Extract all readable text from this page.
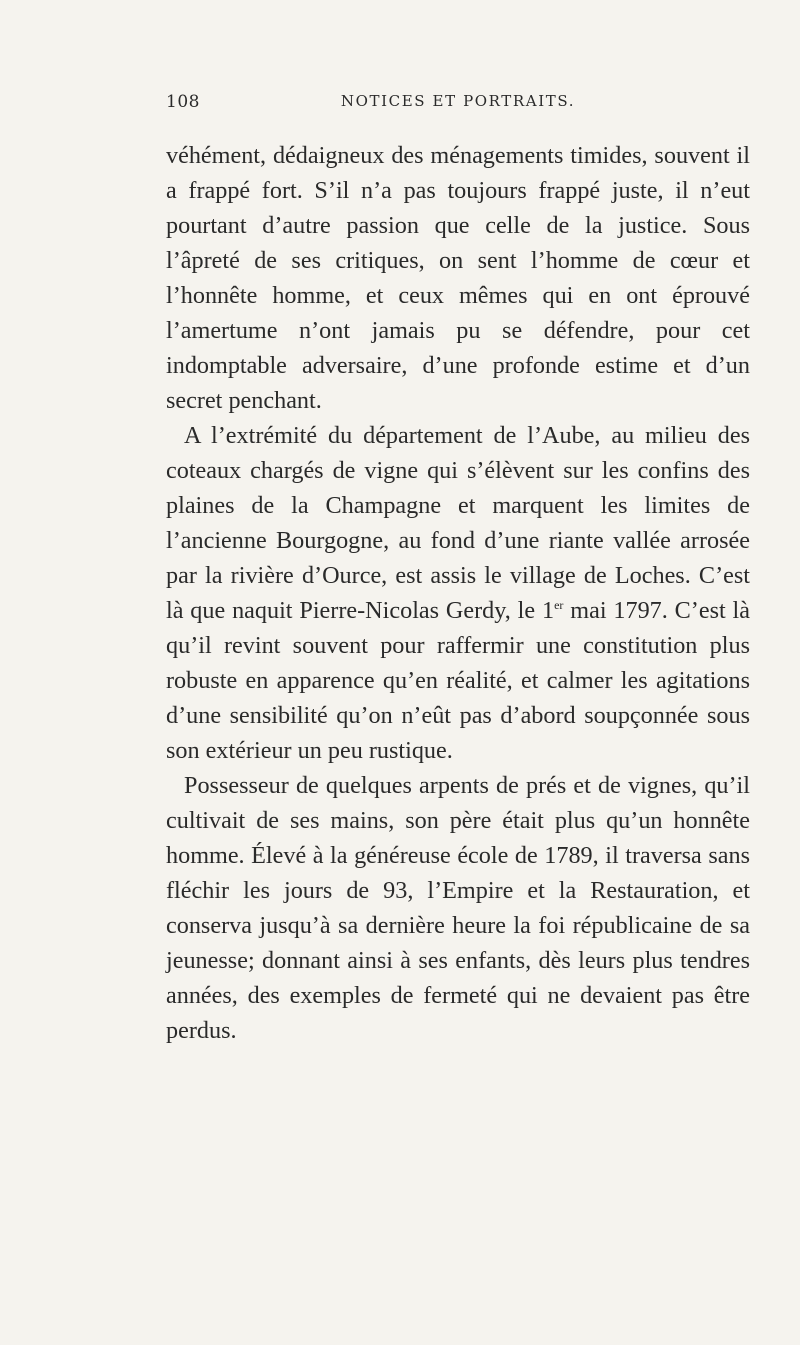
108	NOTICES ET PORTRAITS.

véhément, dédaigneux des ménagements timides, souvent il a frappé fort. S’il n’a pas toujours frappé juste, il n’eut pourtant d’autre passion que celle de la justice. Sous l’âpreté de ses critiques, on sent l’homme de cœur et l’honnête homme, et ceux mêmes qui en ont éprouvé l’amertume n’ont jamais pu se défendre, pour cet indomptable adversaire, d’une profonde estime et d’un secret penchant.

A l’extrémité du département de l’Aube, au milieu des coteaux chargés de vigne qui s’élèvent sur les confins des plaines de la Champagne et marquent les limites de l’ancienne Bourgogne, au fond d’une riante vallée arrosée par la rivière d’Ource, est assis le village de Loches. C’est là que naquit Pierre-Nicolas Gerdy, le 1er mai 1797. C’est là qu’il revint souvent pour raffermir une constitution plus robuste en apparence qu’en réalité, et calmer les agitations d’une sensibilité qu’on n’eût pas d’abord soupçonnée sous son extérieur un peu rustique.

Possesseur de quelques arpents de prés et de vignes, qu’il cultivait de ses mains, son père était plus qu’un honnête homme. Élevé à la généreuse école de 1789, il traversa sans fléchir les jours de 93, l’Empire et la Restauration, et conserva jusqu’à sa dernière heure la foi républicaine de sa jeunesse; donnant ainsi à ses enfants, dès leurs plus tendres années, des exemples de fermeté qui ne devaient pas être perdus.
